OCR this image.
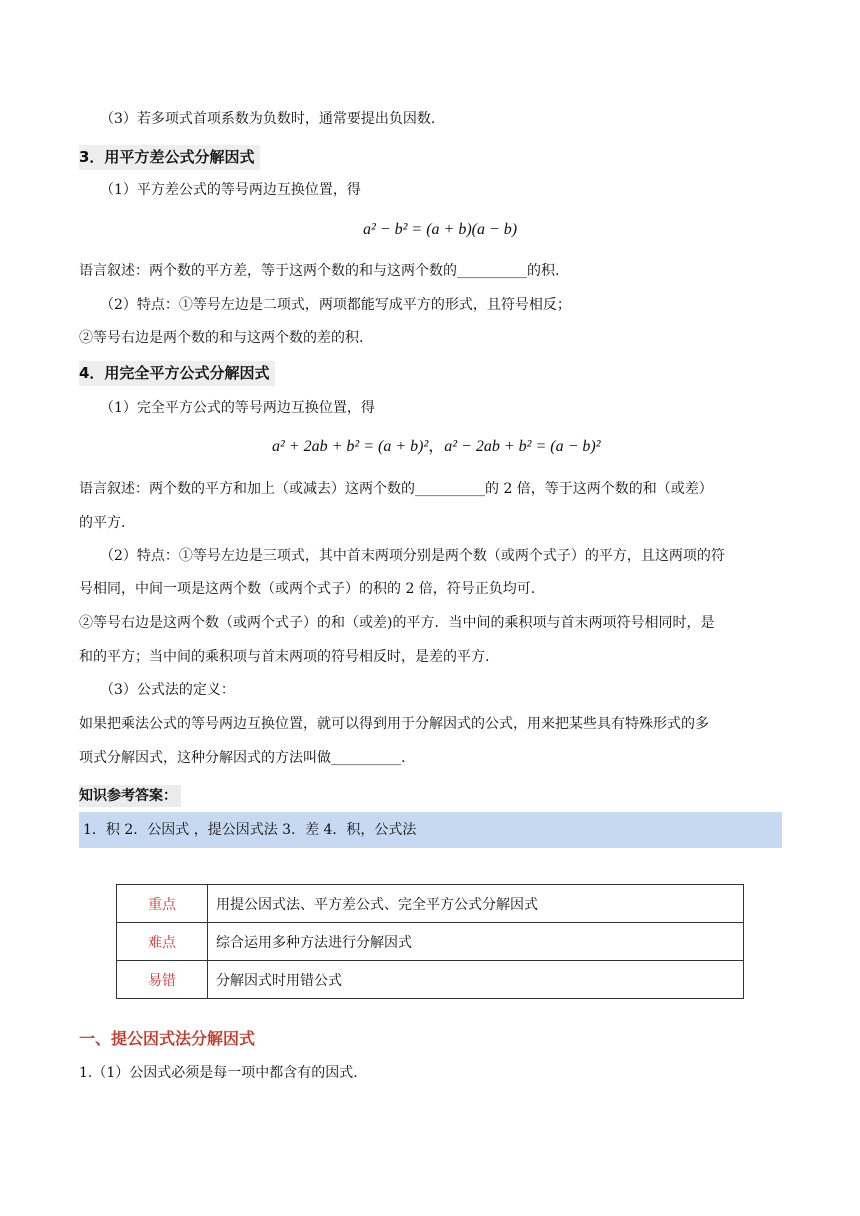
（3）若多项式首项系数为负数时，通常要提出负因数.
3．用平方差公式分解因式
（1）平方差公式的等号两边互换位置，得
a² − b² = (a + b)(a − b)
语言叙述：两个数的平方差，等于这两个数的和与这两个数的__________的积.
（2）特点：①等号左边是二项式，两项都能写成平方的形式，且符号相反；
②等号右边是两个数的和与这两个数的差的积.
4．用完全平方公式分解因式
（1）完全平方公式的等号两边互换位置，得
a² + 2ab + b² = (a + b)²，a² − 2ab + b² = (a − b)²
语言叙述：两个数的平方和加上（或减去）这两个数的__________的 2 倍，等于这两个数的和（或差）
的平方.
（2）特点：①等号左边是三项式，其中首末两项分别是两个数（或两个式子）的平方，且这两项的符
号相同，中间一项是这两个数（或两个式子）的积的 2 倍，符号正负均可.
②等号右边是这两个数（或两个式子）的和（或差)的平方．当中间的乘积项与首末两项符号相同时，是
和的平方；当中间的乘积项与首末两项的符号相反时，是差的平方.
（3）公式法的定义：
如果把乘法公式的等号两边互换位置，就可以得到用于分解因式的公式，用来把某些具有特殊形式的多
项式分解因式，这种分解因式的方法叫做__________.
知识参考答案：
1．积 2．公因式 ，提公因式法 3．差 4．积，公式法
重点	用提公因式法、平方差公式、完全平方公式分解因式
难点	综合运用多种方法进行分解因式
易错	分解因式时用错公式
一、提公因式法分解因式
1.（1）公因式必须是每一项中都含有的因式.
